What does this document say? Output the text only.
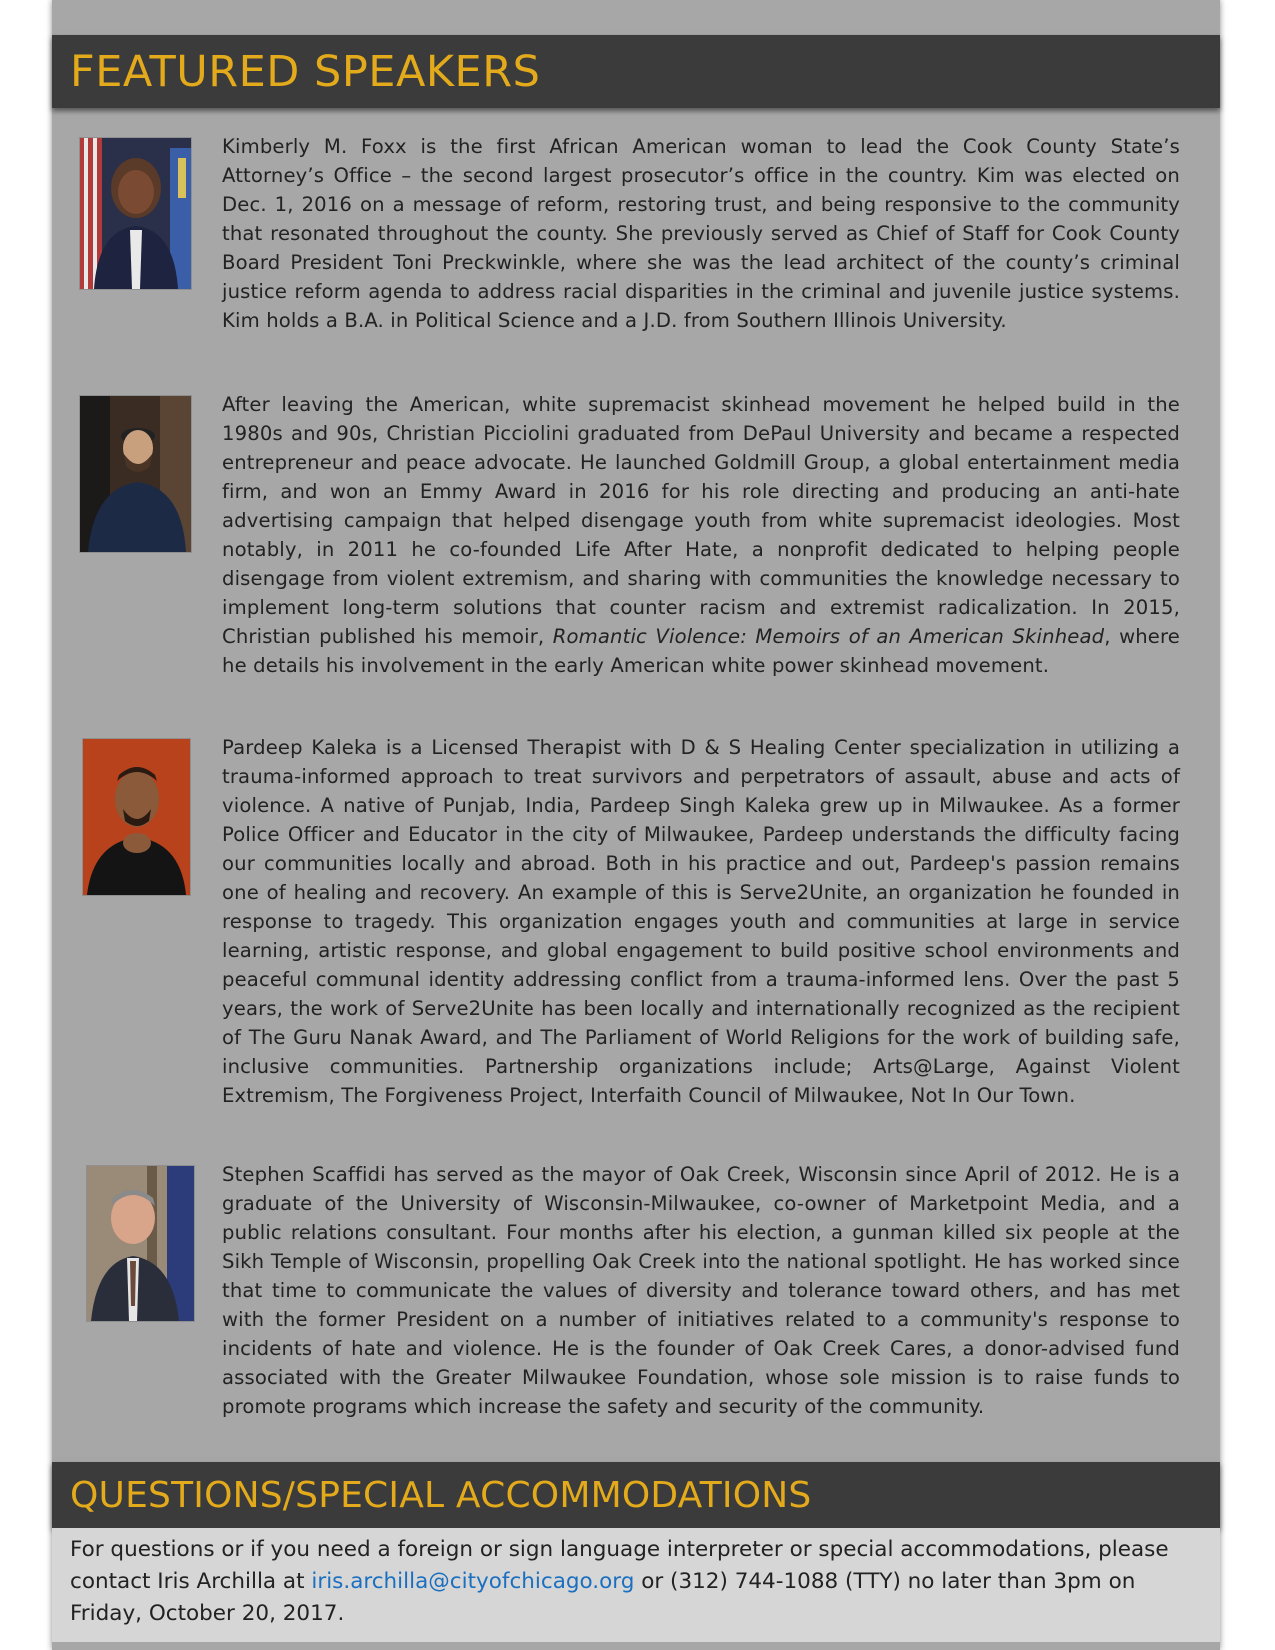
FEATURED SPEAKERS

Kimberly M. Foxx is the first African American woman to lead the Cook County State’s Attorney’s Office – the second largest prosecutor’s office in the country. Kim was elected on Dec. 1, 2016 on a message of reform, restoring trust, and being responsive to the community that resonated throughout the county. She previously served as Chief of Staff for Cook County Board President Toni Preckwinkle, where she was the lead architect of the county’s criminal justice reform agenda to address racial disparities in the criminal and juvenile justice systems. Kim holds a B.A. in Political Science and a J.D. from Southern Illinois University.

After leaving the American, white supremacist skinhead movement he helped build in the 1980s and 90s, Christian Picciolini graduated from DePaul University and became a respected entrepreneur and peace advocate. He launched Goldmill Group, a global entertainment media firm, and won an Emmy Award in 2016 for his role directing and producing an anti-hate advertising campaign that helped disengage youth from white supremacist ideologies. Most notably, in 2011 he co-founded Life After Hate, a nonprofit dedicated to helping people disengage from violent extremism, and sharing with communities the knowledge necessary to implement long-term solutions that counter racism and extremist radicalization. In 2015, Christian published his memoir, Romantic Violence: Memoirs of an American Skinhead, where he details his involvement in the early American white power skinhead movement.

Pardeep Kaleka is a Licensed Therapist with D & S Healing Center specialization in utilizing a trauma-informed approach to treat survivors and perpetrators of assault, abuse and acts of violence. A native of Punjab, India, Pardeep Singh Kaleka grew up in Milwaukee. As a former Police Officer and Educator in the city of Milwaukee, Pardeep understands the difficulty facing our communities locally and abroad. Both in his practice and out, Pardeep's passion remains one of healing and recovery. An example of this is Serve2Unite, an organization he founded in response to tragedy. This organization engages youth and communities at large in service learning, artistic response, and global engagement to build positive school environments and peaceful communal identity addressing conflict from a trauma-informed lens. Over the past 5 years, the work of Serve2Unite has been locally and internationally recognized as the recipient of The Guru Nanak Award, and The Parliament of World Religions for the work of building safe, inclusive communities. Partnership organizations include; Arts@Large, Against Violent Extremism, The Forgiveness Project, Interfaith Council of Milwaukee, Not In Our Town.

Stephen Scaffidi has served as the mayor of Oak Creek, Wisconsin since April of 2012. He is a graduate of the University of Wisconsin-Milwaukee, co-owner of Marketpoint Media, and a public relations consultant. Four months after his election, a gunman killed six people at the Sikh Temple of Wisconsin, propelling Oak Creek into the national spotlight. He has worked since that time to communicate the values of diversity and tolerance toward others, and has met with the former President on a number of initiatives related to a community's response to incidents of hate and violence. He is the founder of Oak Creek Cares, a donor-advised fund associated with the Greater Milwaukee Foundation, whose sole mission is to raise funds to promote programs which increase the safety and security of the community.

QUESTIONS/SPECIAL ACCOMMODATIONS
For questions or if you need a foreign or sign language interpreter or special accommodations, please contact Iris Archilla at iris.archilla@cityofchicago.org or (312) 744-1088 (TTY) no later than 3pm on Friday, October 20, 2017.
